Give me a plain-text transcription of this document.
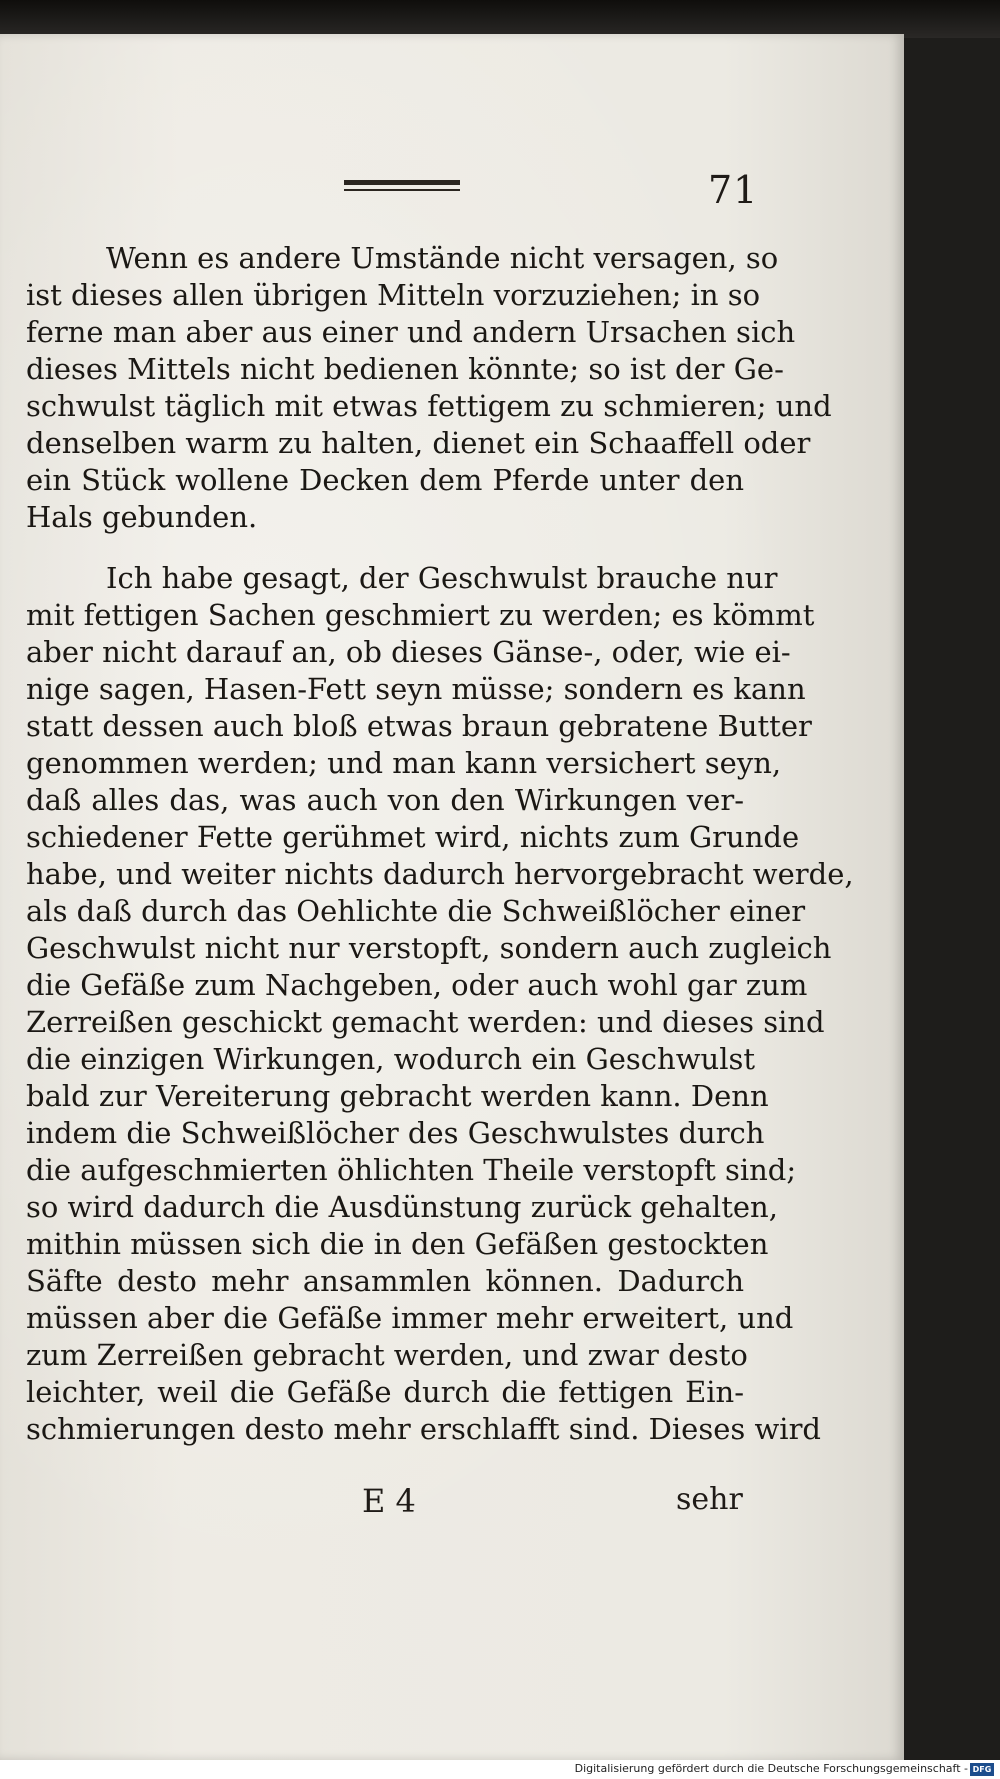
71
Wenn es andere Umstände nicht versagen, so
ist dieses allen übrigen Mitteln vorzuziehen; in so
ferne man aber aus einer und andern Ursachen sich
dieses Mittels nicht bedienen könnte; so ist der Ge-
schwulst täglich mit etwas fettigem zu schmieren; und
denselben warm zu halten, dienet ein Schaaffell oder
ein Stück wollene Decken dem Pferde unter den
Hals gebunden.
Ich habe gesagt, der Geschwulst brauche nur
mit fettigen Sachen geschmiert zu werden; es kömmt
aber nicht darauf an, ob dieses Gänse-, oder, wie ei-
nige sagen, Hasen-Fett seyn müsse; sondern es kann
statt dessen auch bloß etwas braun gebratene Butter
genommen werden; und man kann versichert seyn,
daß alles das, was auch von den Wirkungen ver-
schiedener Fette gerühmet wird, nichts zum Grunde
habe, und weiter nichts dadurch hervorgebracht werde,
als daß durch das Oehlichte die Schweißlöcher einer
Geschwulst nicht nur verstopft, sondern auch zugleich
die Gefäße zum Nachgeben, oder auch wohl gar zum
Zerreißen geschickt gemacht werden: und dieses sind
die einzigen Wirkungen, wodurch ein Geschwulst
bald zur Vereiterung gebracht werden kann. Denn
indem die Schweißlöcher des Geschwulstes durch
die aufgeschmierten öhlichten Theile verstopft sind;
so wird dadurch die Ausdünstung zurück gehalten,
mithin müssen sich die in den Gefäßen gestockten
Säfte desto mehr ansammlen können. Dadurch
müssen aber die Gefäße immer mehr erweitert, und
zum Zerreißen gebracht werden, und zwar desto
leichter, weil die Gefäße durch die fettigen Ein-
schmierungen desto mehr erschlafft sind. Dieses wird
E 4	sehr
Digitalisierung gefördert durch die Deutsche Forschungsgemeinschaft - DFG
